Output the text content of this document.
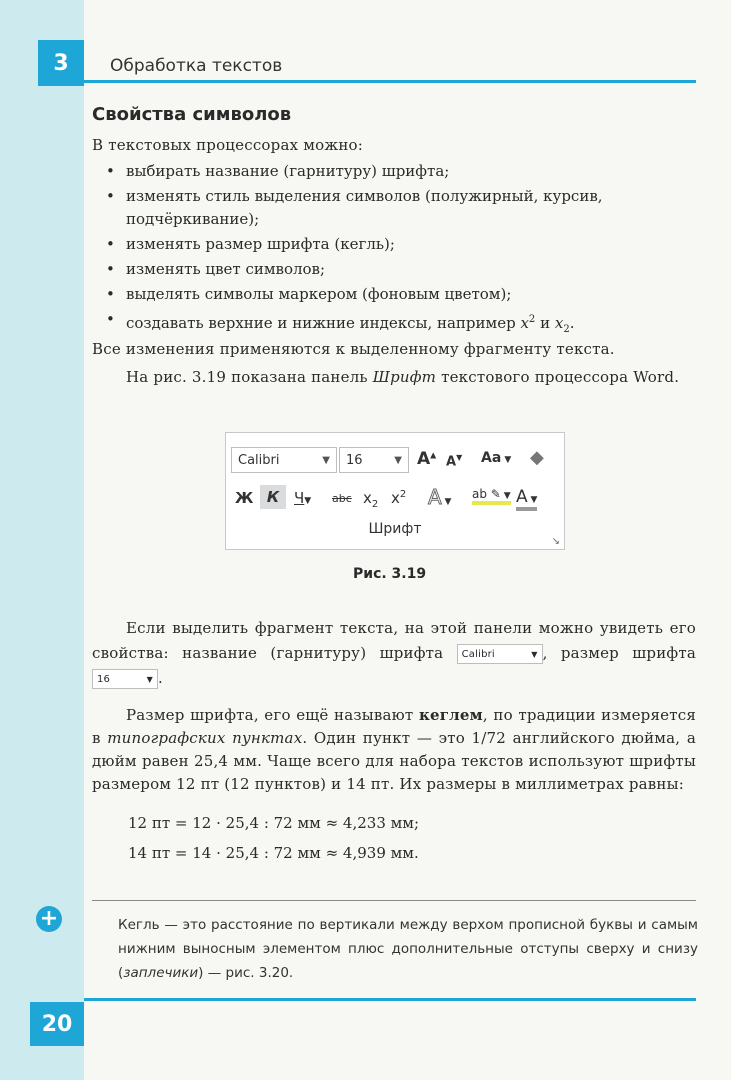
3	Обработка текстов
Свойства символов
В текстовых процессорах можно:
• выбирать название (гарнитуру) шрифта;
• изменять стиль выделения символов (полужирный, курсив, подчёркивание);
• изменять размер шрифта (кегль);
• изменять цвет символов;
• выделять символы маркером (фоновым цветом);
• создавать верхние и нижние индексы, например $x^2$ и $x_2$.
Все изменения применяются к выделенному фрагменту текста.
На рис. 3.19 показана панель Шрифт текстового процессора Word.
Calibri	▼	16	▼ A▲ A▼ Aa ▼ ◆
Ж К Ч▼ abc $x_2$ $x^2$ A ▼
ab ✎ ▼ A ▼
Шрифт
↘
Рис. 3.19
Если выделить фрагмент текста, на этой панели можно увидеть его свойства: название (гарнитуру) шрифта Calibri	▼ , размер шрифта 16	▼ .
Размер шрифта, его ещё называют кеглем, по традиции измеряется в типографских пунктах. Один пункт — это 1/72 английского дюйма, а дюйм равен 25,4 мм. Чаще всего для набора текстов используют шрифты размером 12 пт (12 пунктов) и 14 пт. Их размеры в миллиметрах равны:
12 пт = 12 · 25,4 : 72 мм ≈ 4,233 мм;
14 пт = 14 · 25,4 : 72 мм ≈ 4,939 мм.
+	Кегль — это расстояние по вертикали между верхом прописной буквы и самым нижним выносным элементом плюс дополнительные отступы сверху и снизу (заплечики) — рис. 3.20.
20
